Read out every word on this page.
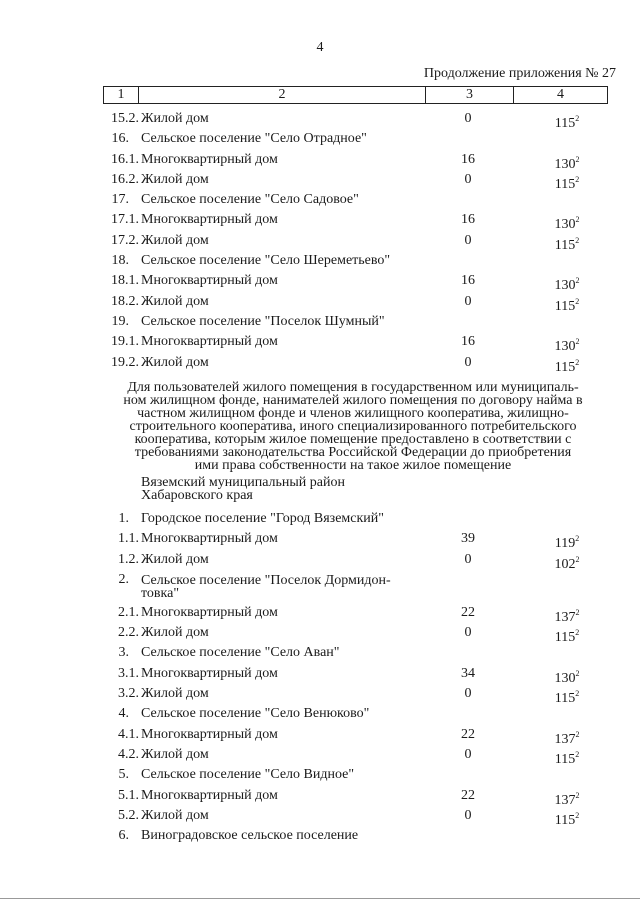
4
Продолжение приложения № 27
1	2	3	4
15.2. Жилой дом	0	$115^2$
16. Сельское поселение "Село Отрадное"
16.1. Многоквартирный дом	16	$130^2$
16.2. Жилой дом	0	$115^2$
17. Сельское поселение "Село Садовое"
17.1. Многоквартирный дом	16	$130^2$
17.2. Жилой дом	0	$115^2$
18. Сельское поселение "Село Шереметьево"
18.1. Многоквартирный дом	16	$130^2$
18.2. Жилой дом	0	$115^2$
19. Сельское поселение "Поселок Шумный"
19.1. Многоквартирный дом	16	$130^2$
19.2. Жилой дом	0	$115^2$
Для пользователей жилого помещения в государственном или муниципаль-
ном жилищном фонде, нанимателей жилого помещения по договору найма в
частном жилищном фонде и членов жилищного кооператива, жилищно-
строительного кооператива, иного специализированного потребительского
кооператива, которым жилое помещение предоставлено в соответствии с
требованиями законодательства Российской Федерации до приобретения
ими права собственности на такое жилое помещение
Вяземский муниципальный район
Хабаровского края
1. Городское поселение "Город Вяземский"
1.1. Многоквартирный дом	39	$119^2$
1.2. Жилой дом	0	$102^2$
2. Сельское поселение "Поселок Дормидон-
товка"
2.1. Многоквартирный дом	22	$137^2$
2.2. Жилой дом	0	$115^2$
3. Сельское поселение "Село Аван"
3.1. Многоквартирный дом	34	$130^2$
3.2. Жилой дом	0	$115^2$
4. Сельское поселение "Село Венюково"
4.1. Многоквартирный дом	22	$137^2$
4.2. Жилой дом	0	$115^2$
5. Сельское поселение "Село Видное"
5.1. Многоквартирный дом	22	$137^2$
5.2. Жилой дом	0	$115^2$
6. Виноградовское сельское поселение
